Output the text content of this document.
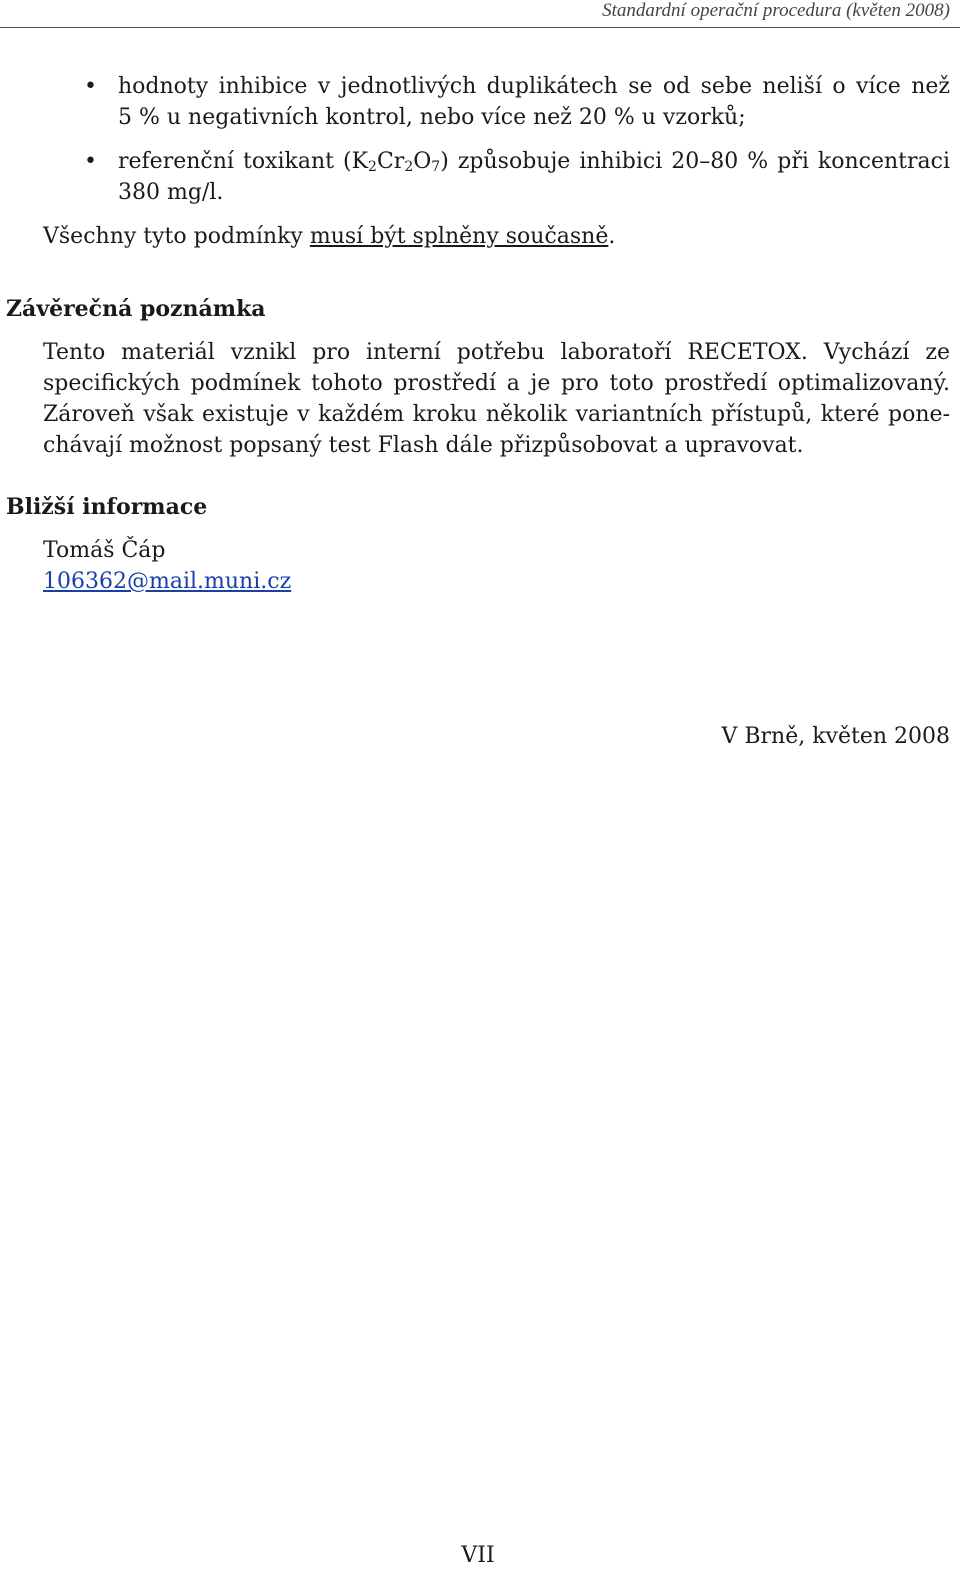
Standardní operační procedura (květen 2008)
• hodnoty inhibice v jednotlivých duplikátech se od sebe neliší o více než
5 % u negativních kontrol, nebo více než 20 % u vzorků;
• referenční toxikant $(K_2Cr_2O_7)$ způsobuje inhibici 20–80 % při koncentraci
380 mg/l.
Všechny tyto podmínky musí být splněny současně.
Závěrečná poznámka
Tento materiál vznikl pro interní potřebu laboratoří RECETOX. Vychází ze
specifických podmínek tohoto prostředí a je pro toto prostředí optimalizovaný.
Zároveň však existuje v každém kroku několik variantních přístupů, které pone-
chávají možnost popsaný test Flash dále přizpůsobovat a upravovat.
Bližší informace
Tomáš Čáp
106362@mail.muni.cz
V Brně, květen 2008
VII
